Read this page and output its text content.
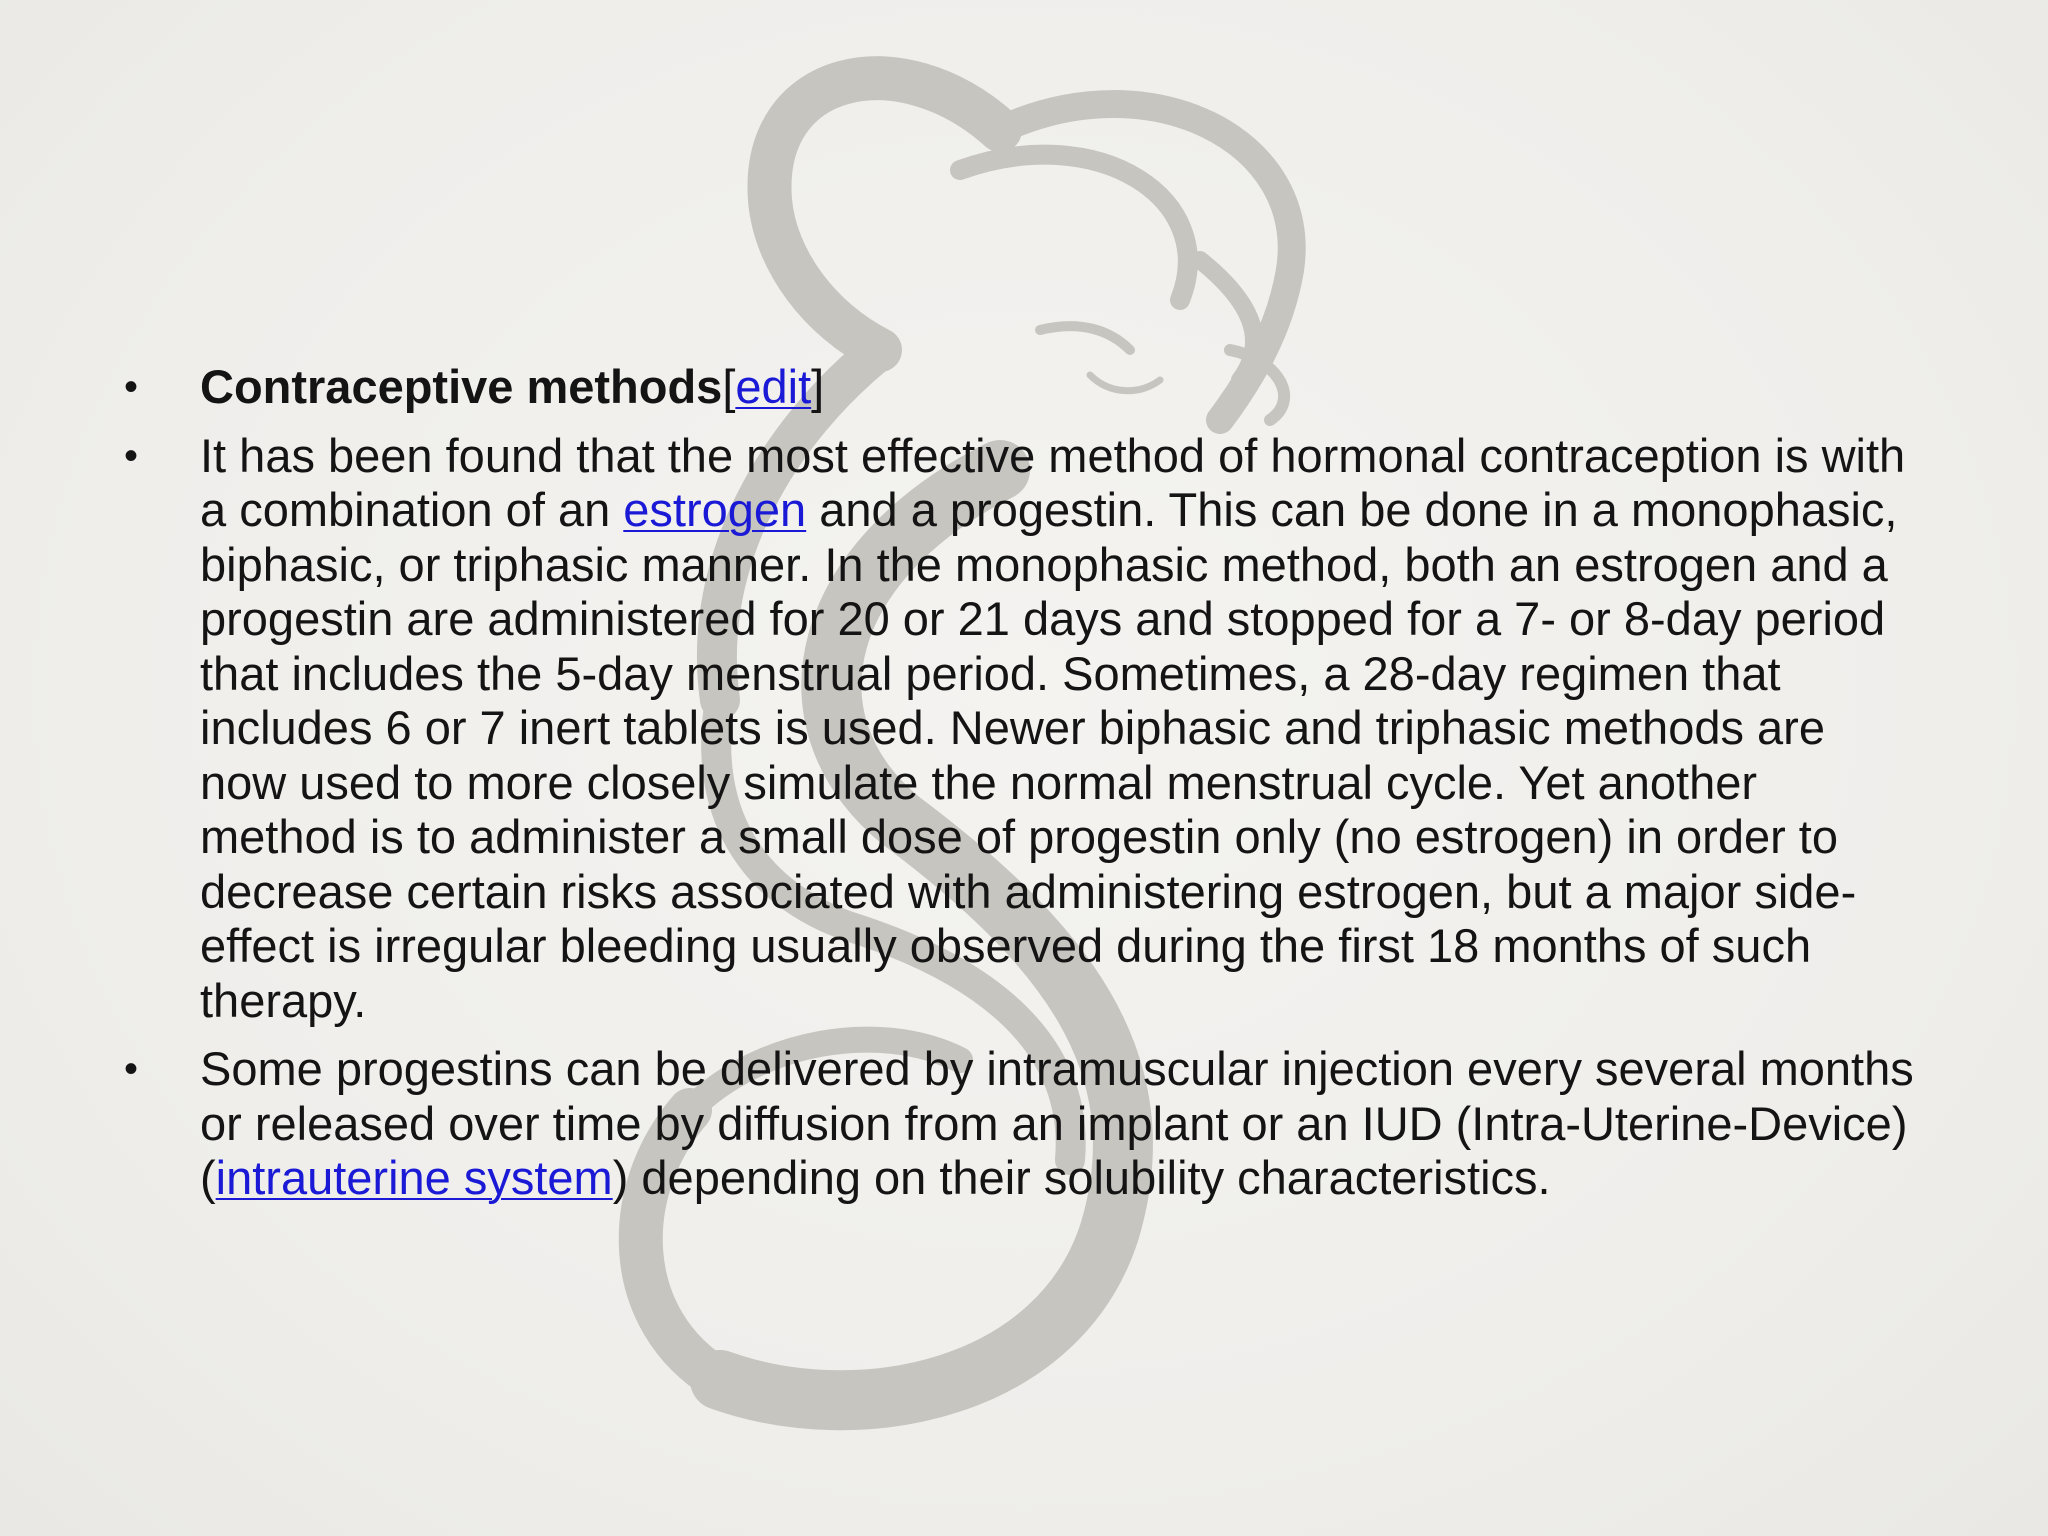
• Contraceptive methods[edit]
• It has been found that the most effective method of hormonal contraception is with a combination of an estrogen and a progestin. This can be done in a monophasic, biphasic, or triphasic manner. In the monophasic method, both an estrogen and a progestin are administered for 20 or 21 days and stopped for a 7- or 8-day period that includes the 5-day menstrual period. Sometimes, a 28-day regimen that includes 6 or 7 inert tablets is used. Newer biphasic and triphasic methods are now used to more closely simulate the normal menstrual cycle. Yet another method is to administer a small dose of progestin only (no estrogen) in order to decrease certain risks associated with administering estrogen, but a major side-effect is irregular bleeding usually observed during the first 18 months of such therapy.
• Some progestins can be delivered by intramuscular injection every several months or released over time by diffusion from an implant or an IUD (Intra-Uterine-Device) (intrauterine system) depending on their solubility characteristics.
